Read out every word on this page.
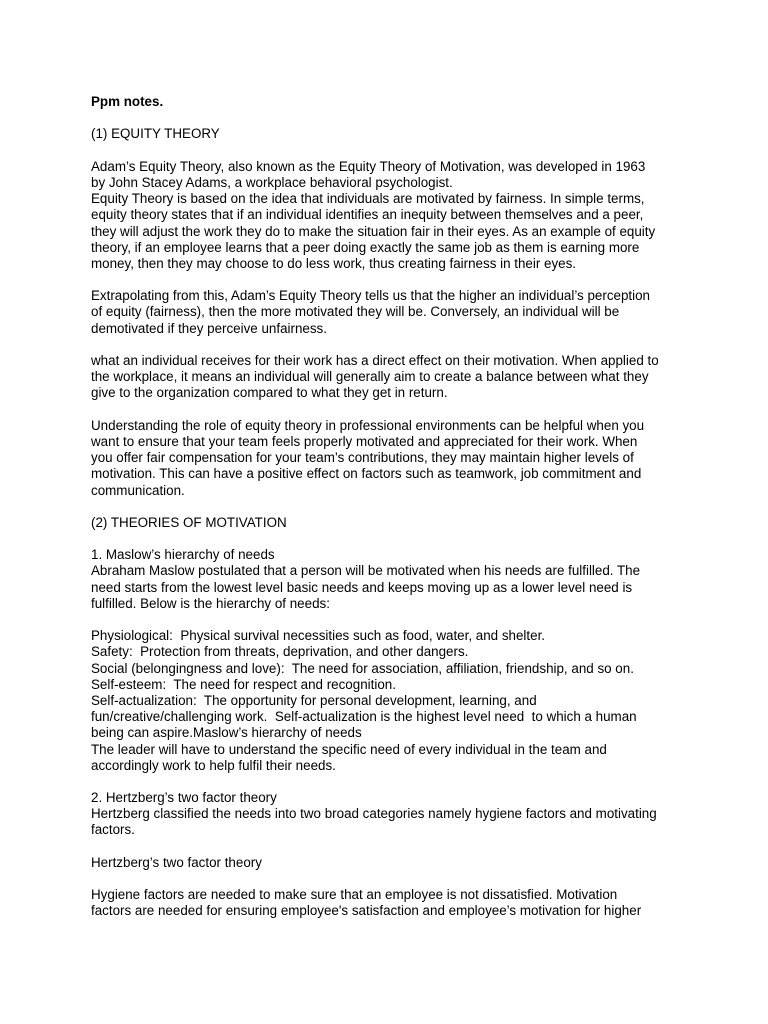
Ppm notes.
(1) EQUITY THEORY
Adam’s Equity Theory, also known as the Equity Theory of Motivation, was developed in 1963
by John Stacey Adams, a workplace behavioral psychologist.
Equity Theory is based on the idea that individuals are motivated by fairness. In simple terms,
equity theory states that if an individual identifies an inequity between themselves and a peer,
they will adjust the work they do to make the situation fair in their eyes. As an example of equity
theory, if an employee learns that a peer doing exactly the same job as them is earning more
money, then they may choose to do less work, thus creating fairness in their eyes.
Extrapolating from this, Adam’s Equity Theory tells us that the higher an individual’s perception
of equity (fairness), then the more motivated they will be. Conversely, an individual will be
demotivated if they perceive unfairness.
what an individual receives for their work has a direct effect on their motivation. When applied to
the workplace, it means an individual will generally aim to create a balance between what they
give to the organization compared to what they get in return.
Understanding the role of equity theory in professional environments can be helpful when you
want to ensure that your team feels properly motivated and appreciated for their work. When
you offer fair compensation for your team’s contributions, they may maintain higher levels of
motivation. This can have a positive effect on factors such as teamwork, job commitment and
communication.
(2) THEORIES OF MOTIVATION
1. Maslow’s hierarchy of needs
Abraham Maslow postulated that a person will be motivated when his needs are fulfilled. The
need starts from the lowest level basic needs and keeps moving up as a lower level need is
fulfilled. Below is the hierarchy of needs:
Physiological:  Physical survival necessities such as food, water, and shelter.
Safety:  Protection from threats, deprivation, and other dangers.
Social (belongingness and love):  The need for association, affiliation, friendship, and so on.
Self-esteem:  The need for respect and recognition.
Self-actualization:  The opportunity for personal development, learning, and
fun/creative/challenging work.  Self-actualization is the highest level need  to which a human
being can aspire.Maslow’s hierarchy of needs
The leader will have to understand the specific need of every individual in the team and
accordingly work to help fulfil their needs.
2. Hertzberg’s two factor theory
Hertzberg classified the needs into two broad categories namely hygiene factors and motivating
factors.
Hertzberg’s two factor theory
Hygiene factors are needed to make sure that an employee is not dissatisfied. Motivation
factors are needed for ensuring employee's satisfaction and employee’s motivation for higher
